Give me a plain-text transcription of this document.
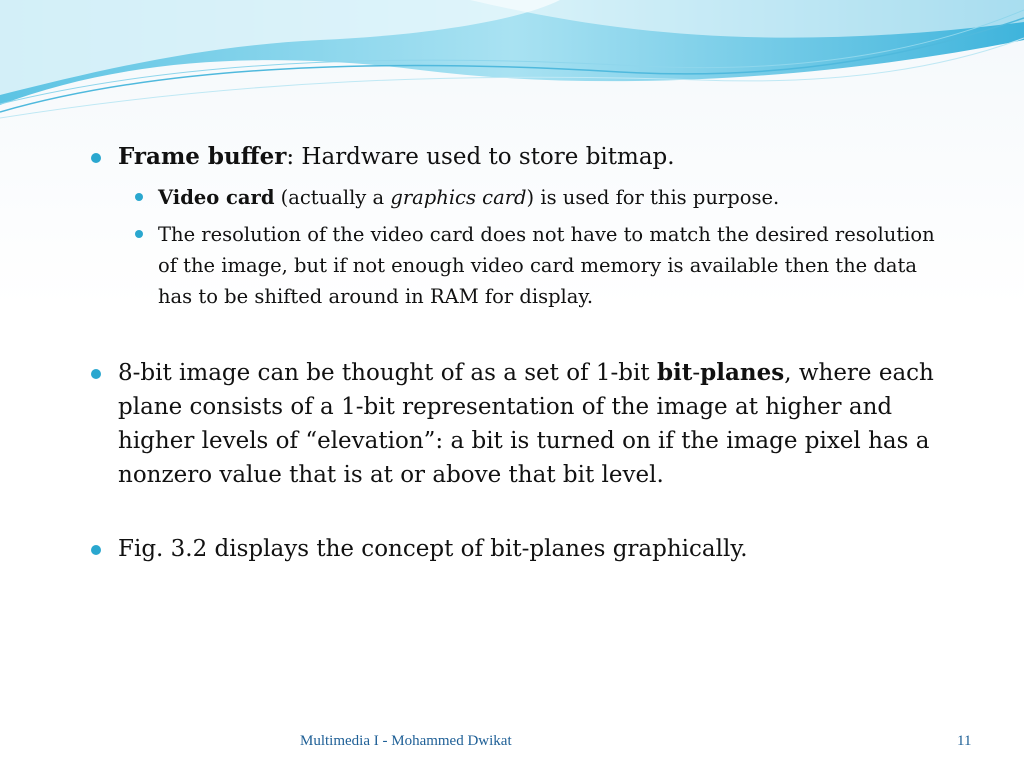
Frame buffer: Hardware used to store bitmap.
Video card (actually a graphics card) is used for this purpose.
The resolution of the video card does not have to match the desired resolution of the image, but if not enough video card memory is available then the data has to be shifted around in RAM for display.
8-bit image can be thought of as a set of 1-bit bit-planes, where each plane consists of a 1-bit representation of the image at higher and higher levels of “elevation”: a bit is turned on if the image pixel has a nonzero value that is at or above that bit level.
Fig. 3.2 displays the concept of bit-planes graphically.
Multimedia I - Mohammed Dwikat	11
